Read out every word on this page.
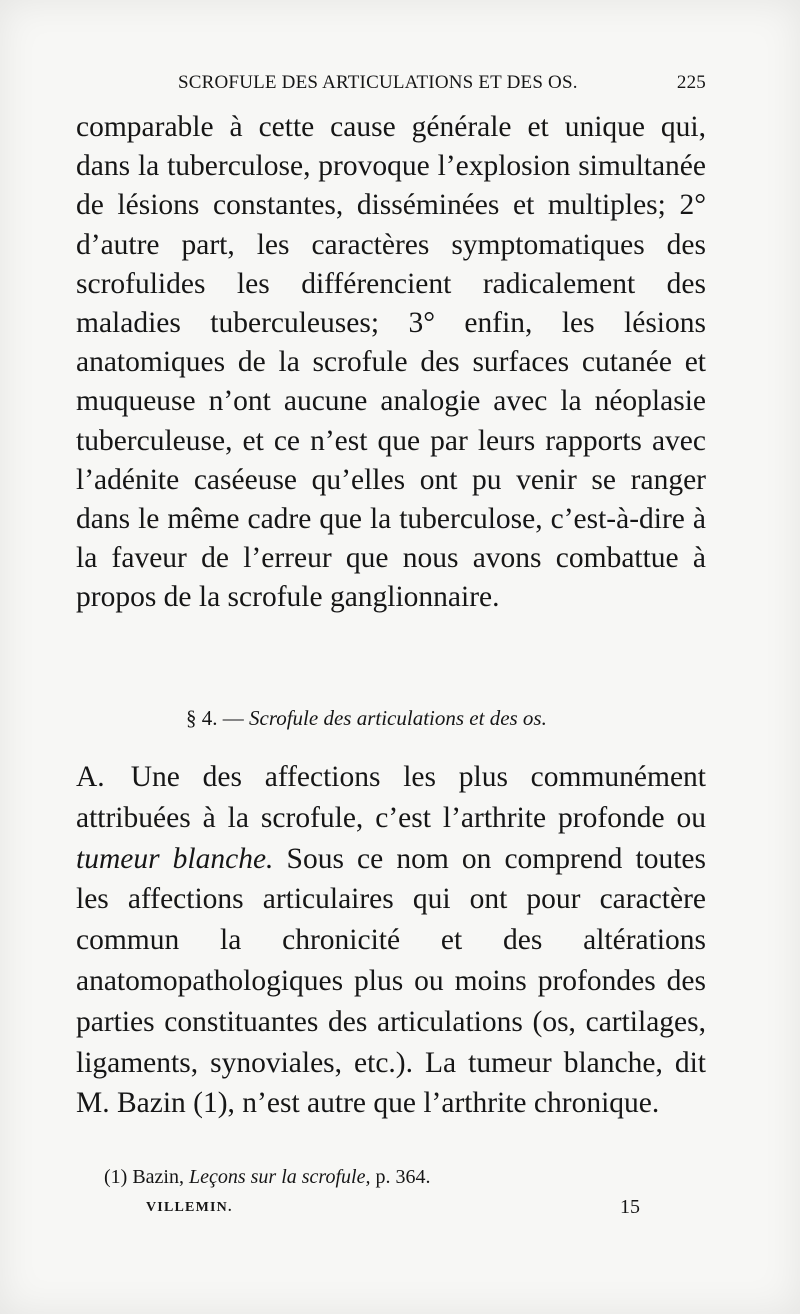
SCROFULE DES ARTICULATIONS ET DES OS.	225

comparable à cette cause générale et unique qui, dans la tuberculose, provoque l’explosion simultanée de lésions constantes, disséminées et multiples; 2° d’autre part, les caractères symptomatiques des scrofulides les différencient radicalement des maladies tuberculeuses; 3° enfin, les lésions anatomiques de la scrofule des surfaces cutanée et muqueuse n’ont aucune analogie avec la néoplasie tuberculeuse, et ce n’est que par leurs rapports avec l’adénite caséeuse qu’elles ont pu venir se ranger dans le même cadre que la tuberculose, c’est-à-dire à la faveur de l’erreur que nous avons combattue à propos de la scrofule ganglionnaire.

§ 4. — Scrofule des articulations et des os.
A. Une des affections les plus communément attribuées à la scrofule, c’est l’arthrite profonde ou tumeur blanche. Sous ce nom on comprend toutes les affections articulaires qui ont pour caractère commun la chronicité et des altérations anatomopathologiques plus ou moins profondes des parties constituantes des articulations (os, cartilages, ligaments, synoviales, etc.). La tumeur blanche, dit M. Bazin (1), n’est autre que l’arthrite chronique.
(1) Bazin, Leçons sur la scrofule, p. 364.
VILLEMIN.	15
